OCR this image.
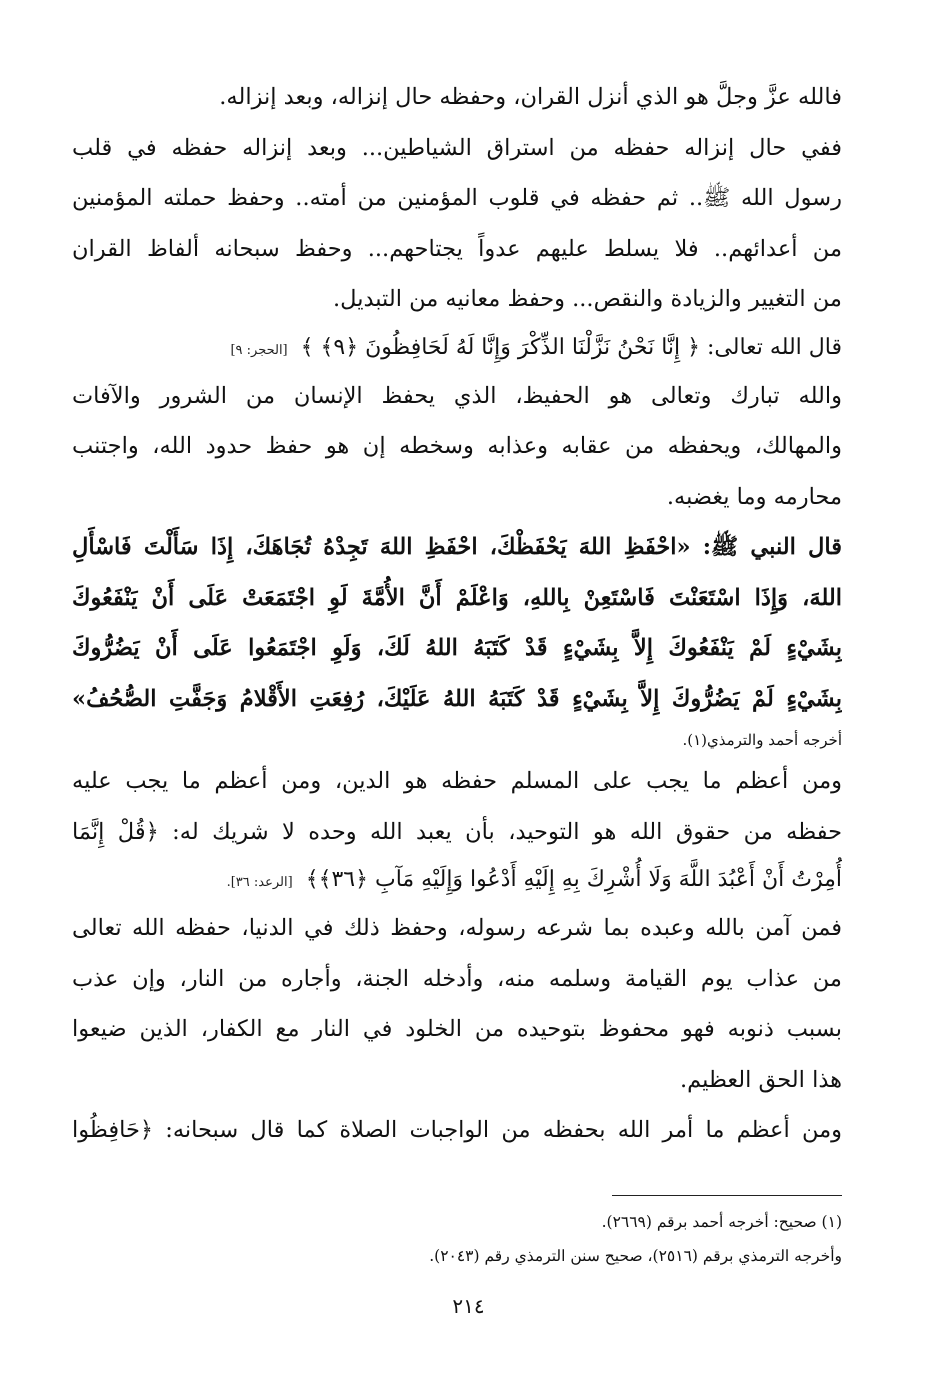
فالله عزَّ وجلَّ هو الذي أنزل القران، وحفظه حال إنزاله، وبعد إنزاله.
ففي حال إنزاله حفظه من استراق الشياطين... وبعد إنزاله حفظه في قلب
رسول الله ﷺ.. ثم حفظه في قلوب المؤمنين من أمته.. وحفظ حملته المؤمنين
من أعدائهم.. فلا يسلط عليهم عدواً يجتاحهم... وحفظ سبحانه ألفاظ القران
من التغيير والزيادة والنقص... وحفظ معانيه من التبديل.
قال الله تعالى: ﴿ إِنَّا نَحْنُ نَزَّلْنَا الذِّكْرَ وَإِنَّا لَهُ لَحَافِظُونَ ﴿٩﴾ ﴾ [الحجر: ٩]
والله تبارك وتعالى هو الحفيظ، الذي يحفظ الإنسان من الشرور والآفات
والمهالك، ويحفظه من عقابه وعذابه وسخطه إن هو حفظ حدود الله، واجتنب
محارمه وما يغضبه.
قال النبي ﷺ: «احْفَظِ اللهَ يَحْفَظْكَ، احْفَظِ اللهَ تَجِدْهُ تُجَاهَكَ، إِذَا سَأَلْتَ فَاسْأَلِ
اللهَ، وَإِذَا اسْتَعَنْتَ فَاسْتَعِنْ بِاللهِ، وَاعْلَمْ أَنَّ الأُمَّةَ لَوِ اجْتَمَعَتْ عَلَى أَنْ يَنْفَعُوكَ
بِشَيْءٍ لَمْ يَنْفَعُوكَ إِلاَّ بِشَيْءٍ قَدْ كَتَبَهُ اللهُ لَكَ، وَلَوِ اجْتَمَعُوا عَلَى أَنْ يَضُرُّوكَ
بِشَيْءٍ لَمْ يَضُرُّوكَ إِلاَّ بِشَيْءٍ قَدْ كَتَبَهُ اللهُ عَلَيْكَ، رُفِعَتِ الأَقْلامُ وَجَفَّتِ الصُّحُفُ»
أخرجه أحمد والترمذي(١).
ومن أعظم ما يجب على المسلم حفظه هو الدين، ومن أعظم ما يجب عليه
حفظه من حقوق الله هو التوحيد، بأن يعبد الله وحده لا شريك له: ﴿قُلْ إِنَّمَا
أُمِرْتُ أَنْ أَعْبُدَ اللَّهَ وَلَا أُشْرِكَ بِهِ إِلَيْهِ أَدْعُوا وَإِلَيْهِ مَآبِ ﴿٣٦﴾﴾ [الرعد: ٣٦].
فمن آمن بالله وعبده بما شرعه رسوله، وحفظ ذلك في الدنيا، حفظه الله تعالى
من عذاب يوم القيامة وسلمه منه، وأدخله الجنة، وأجاره من النار، وإن عذب
بسبب ذنوبه فهو محفوظ بتوحيده من الخلود في النار مع الكفار، الذين ضيعوا
هذا الحق العظيم.
ومن أعظم ما أمر الله بحفظه من الواجبات الصلاة كما قال سبحانه: ﴿حَافِظُوا
(١) صحيح: أخرجه أحمد برقم (٢٦٦٩).
وأخرجه الترمذي برقم (٢٥١٦)، صحيح سنن الترمذي رقم (٢٠٤٣).
٢١٤
